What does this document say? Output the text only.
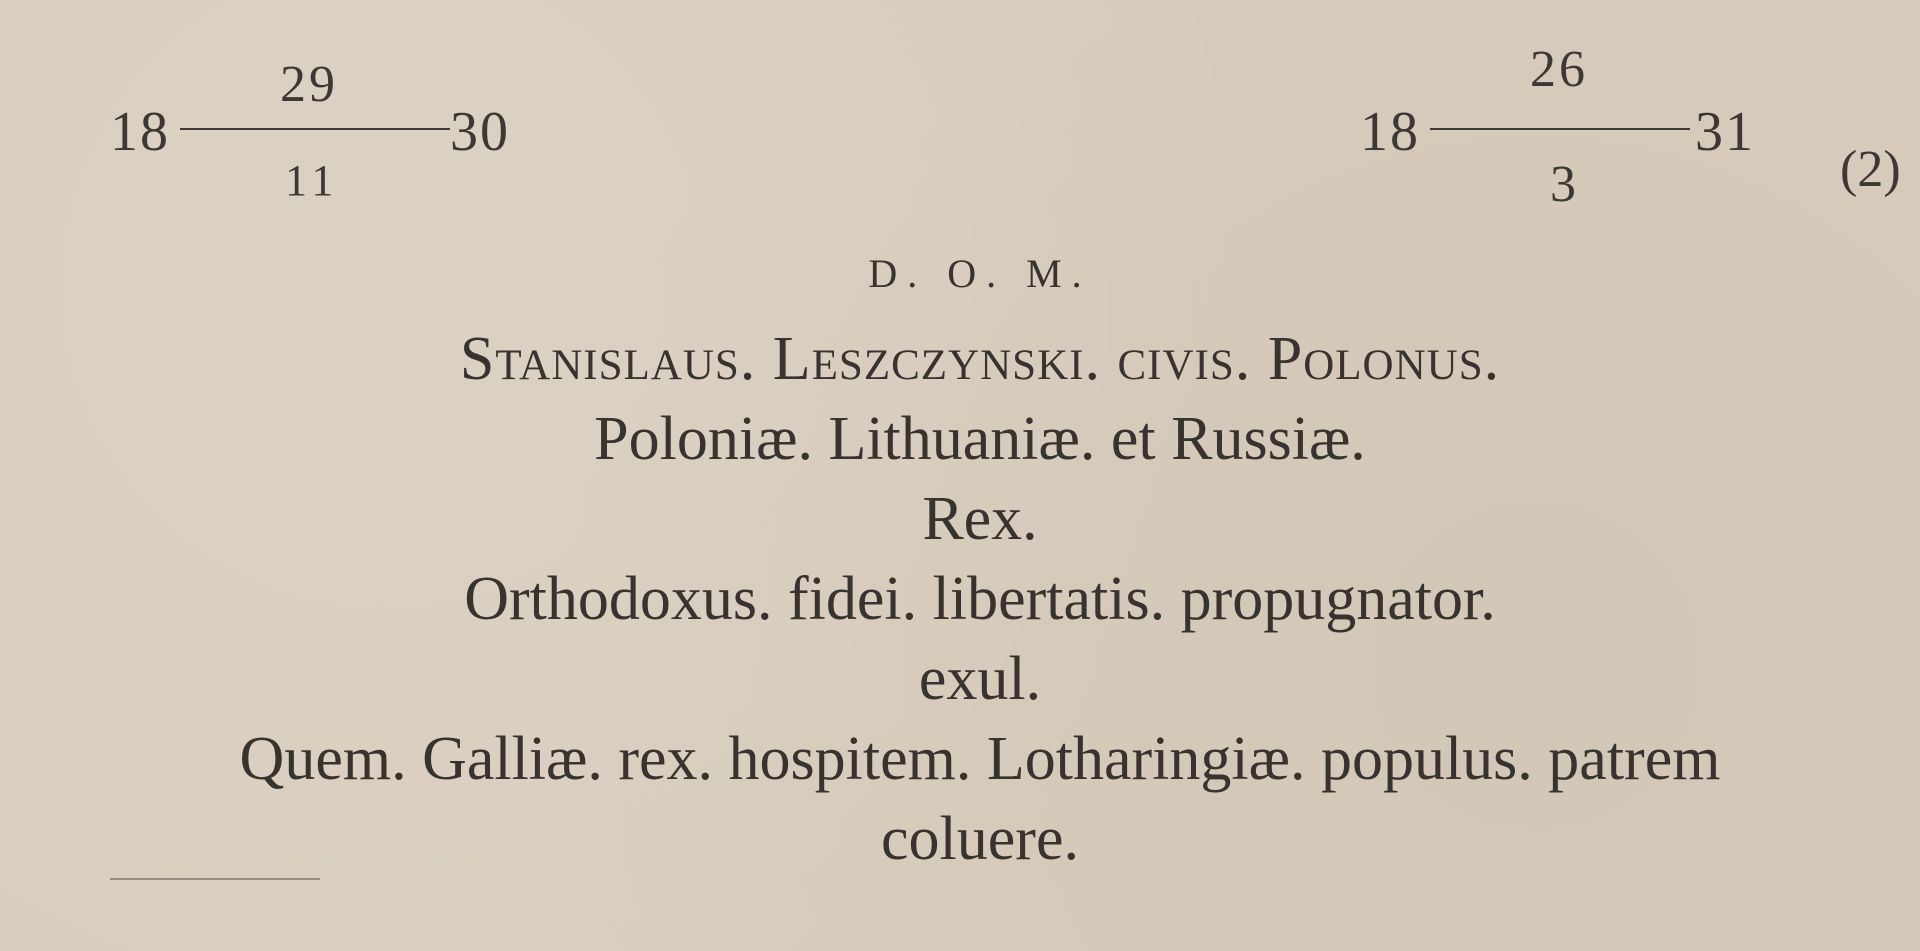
18
29
11
30	18
26
3
31
(2)
D. O. M.
Stanislaus. Leszczynski. civis. Polonus.
Poloniæ. Lithuaniæ. et Russiæ.
Rex.
Orthodoxus. fidei. libertatis. propugnator.
exul.
Quem. Galliæ. rex. hospitem. Lotharingiæ. populus. patrem
coluere.
